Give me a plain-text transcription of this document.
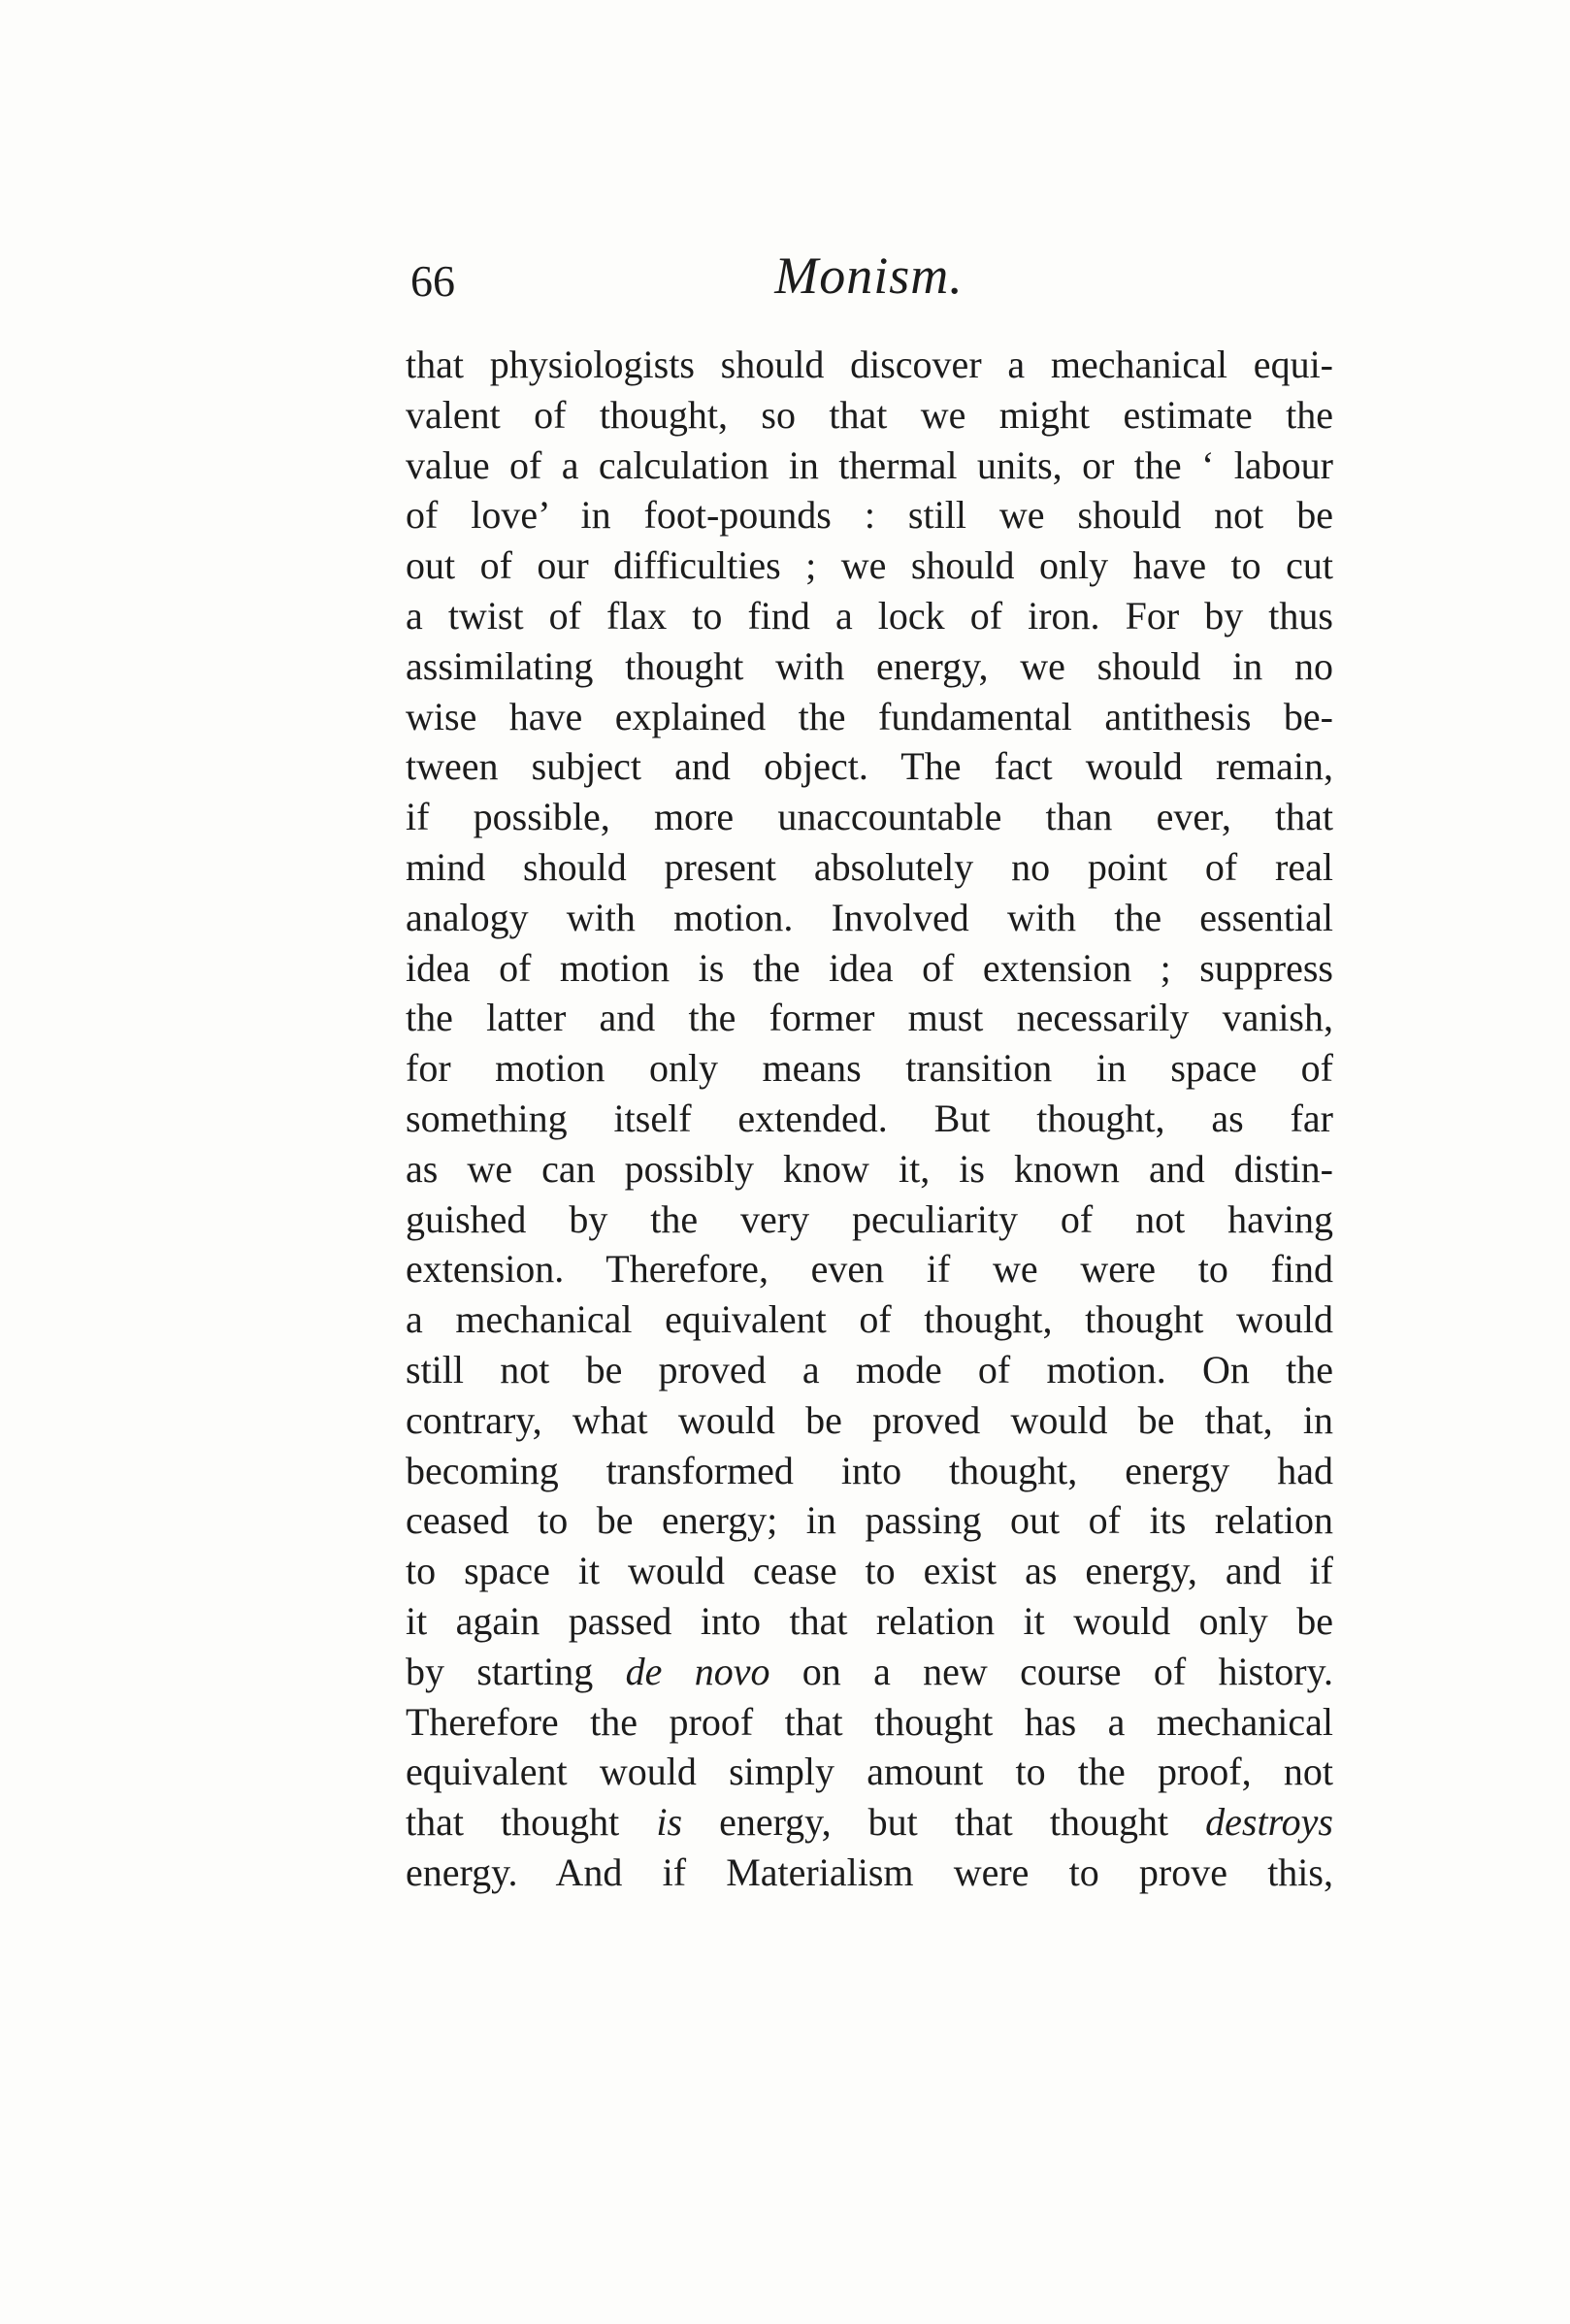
66	Monism.
that physiologists should discover a mechanical equi-
valent of thought, so that we might estimate the
value of a calculation in thermal units, or the ‘ labour
of love’ in foot-pounds : still we should not be
out of our difficulties ; we should only have to cut
a twist of flax to find a lock of iron. For by thus
assimilating thought with energy, we should in no
wise have explained the fundamental antithesis be-
tween subject and object. The fact would remain,
if possible, more unaccountable than ever, that
mind should present absolutely no point of real
analogy with motion. Involved with the essential
idea of motion is the idea of extension ; suppress
the latter and the former must necessarily vanish,
for motion only means transition in space of
something itself extended. But thought, as far
as we can possibly know it, is known and distin-
guished by the very peculiarity of not having
extension. Therefore, even if we were to find
a mechanical equivalent of thought, thought would
still not be proved a mode of motion. On the
contrary, what would be proved would be that, in
becoming transformed into thought, energy had
ceased to be energy; in passing out of its relation
to space it would cease to exist as energy, and if
it again passed into that relation it would only be
by starting de novo on a new course of history.
Therefore the proof that thought has a mechanical
equivalent would simply amount to the proof, not
that thought is energy, but that thought destroys
energy. And if Materialism were to prove this,
